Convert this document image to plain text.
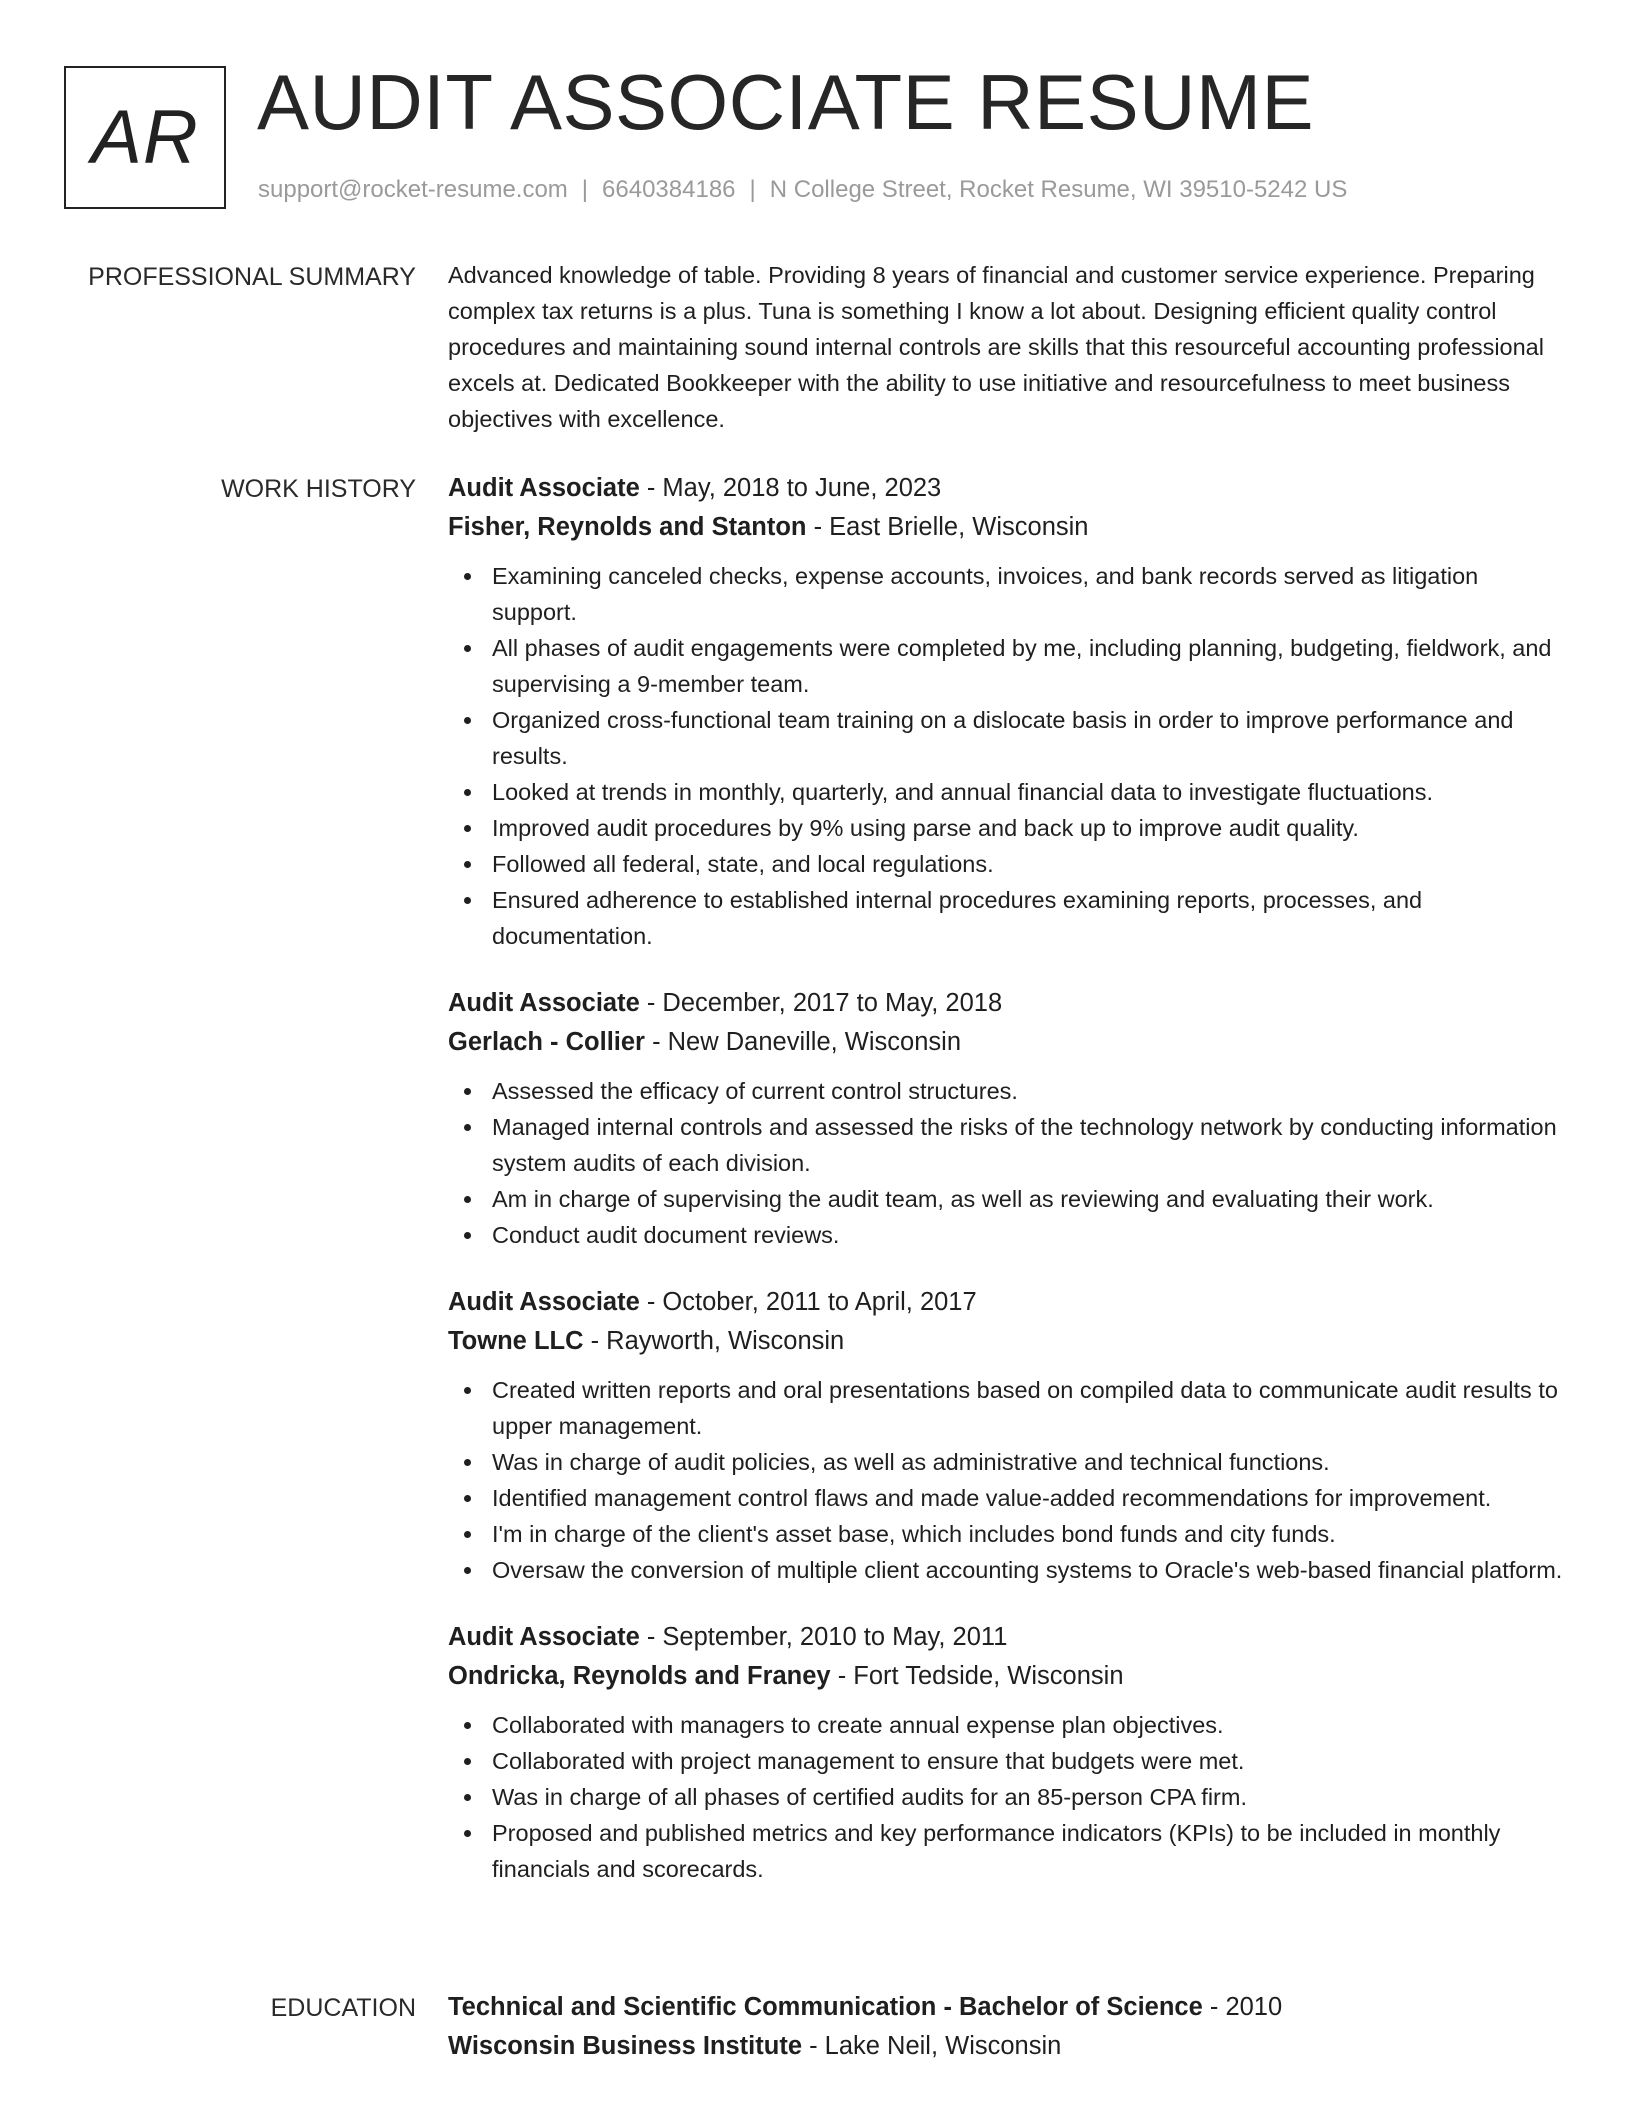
AR AUDIT ASSOCIATE RESUME
support@rocket-resume.com | 6640384186 | N College Street, Rocket Resume, WI 39510-5242 US
PROFESSIONAL SUMMARY Advanced knowledge of table. Providing 8 years of financial and customer service experience. Preparing complex tax returns is a plus. Tuna is something I know a lot about. Designing efficient quality control procedures and maintaining sound internal controls are skills that this resourceful accounting professional excels at. Dedicated Bookkeeper with the ability to use initiative and resourcefulness to meet business objectives with excellence.

WORK HISTORY Audit Associate - May, 2018 to June, 2023
Fisher, Reynolds and Stanton - East Brielle, Wisconsin
Examining canceled checks, expense accounts, invoices, and bank records served as litigation support.
All phases of audit engagements were completed by me, including planning, budgeting, fieldwork, and supervising a 9-member team.
Organized cross-functional team training on a dislocate basis in order to improve performance and results.
Looked at trends in monthly, quarterly, and annual financial data to investigate fluctuations.
Improved audit procedures by 9% using parse and back up to improve audit quality.
Followed all federal, state, and local regulations.
Ensured adherence to established internal procedures examining reports, processes, and documentation.
Audit Associate - December, 2017 to May, 2018
Gerlach - Collier - New Daneville, Wisconsin
Assessed the efficacy of current control structures.
Managed internal controls and assessed the risks of the technology network by conducting information system audits of each division.
Am in charge of supervising the audit team, as well as reviewing and evaluating their work.
Conduct audit document reviews.
Audit Associate - October, 2011 to April, 2017
Towne LLC - Rayworth, Wisconsin
Created written reports and oral presentations based on compiled data to communicate audit results to upper management.
Was in charge of audit policies, as well as administrative and technical functions.
Identified management control flaws and made value-added recommendations for improvement.
I'm in charge of the client's asset base, which includes bond funds and city funds.
Oversaw the conversion of multiple client accounting systems to Oracle's web-based financial platform.
Audit Associate - September, 2010 to May, 2011
Ondricka, Reynolds and Franey - Fort Tedside, Wisconsin
Collaborated with managers to create annual expense plan objectives.
Collaborated with project management to ensure that budgets were met.
Was in charge of all phases of certified audits for an 85-person CPA firm.
Proposed and published metrics and key performance indicators (KPIs) to be included in monthly financials and scorecards.
EDUCATION Technical and Scientific Communication - Bachelor of Science - 2010
Wisconsin Business Institute - Lake Neil, Wisconsin
